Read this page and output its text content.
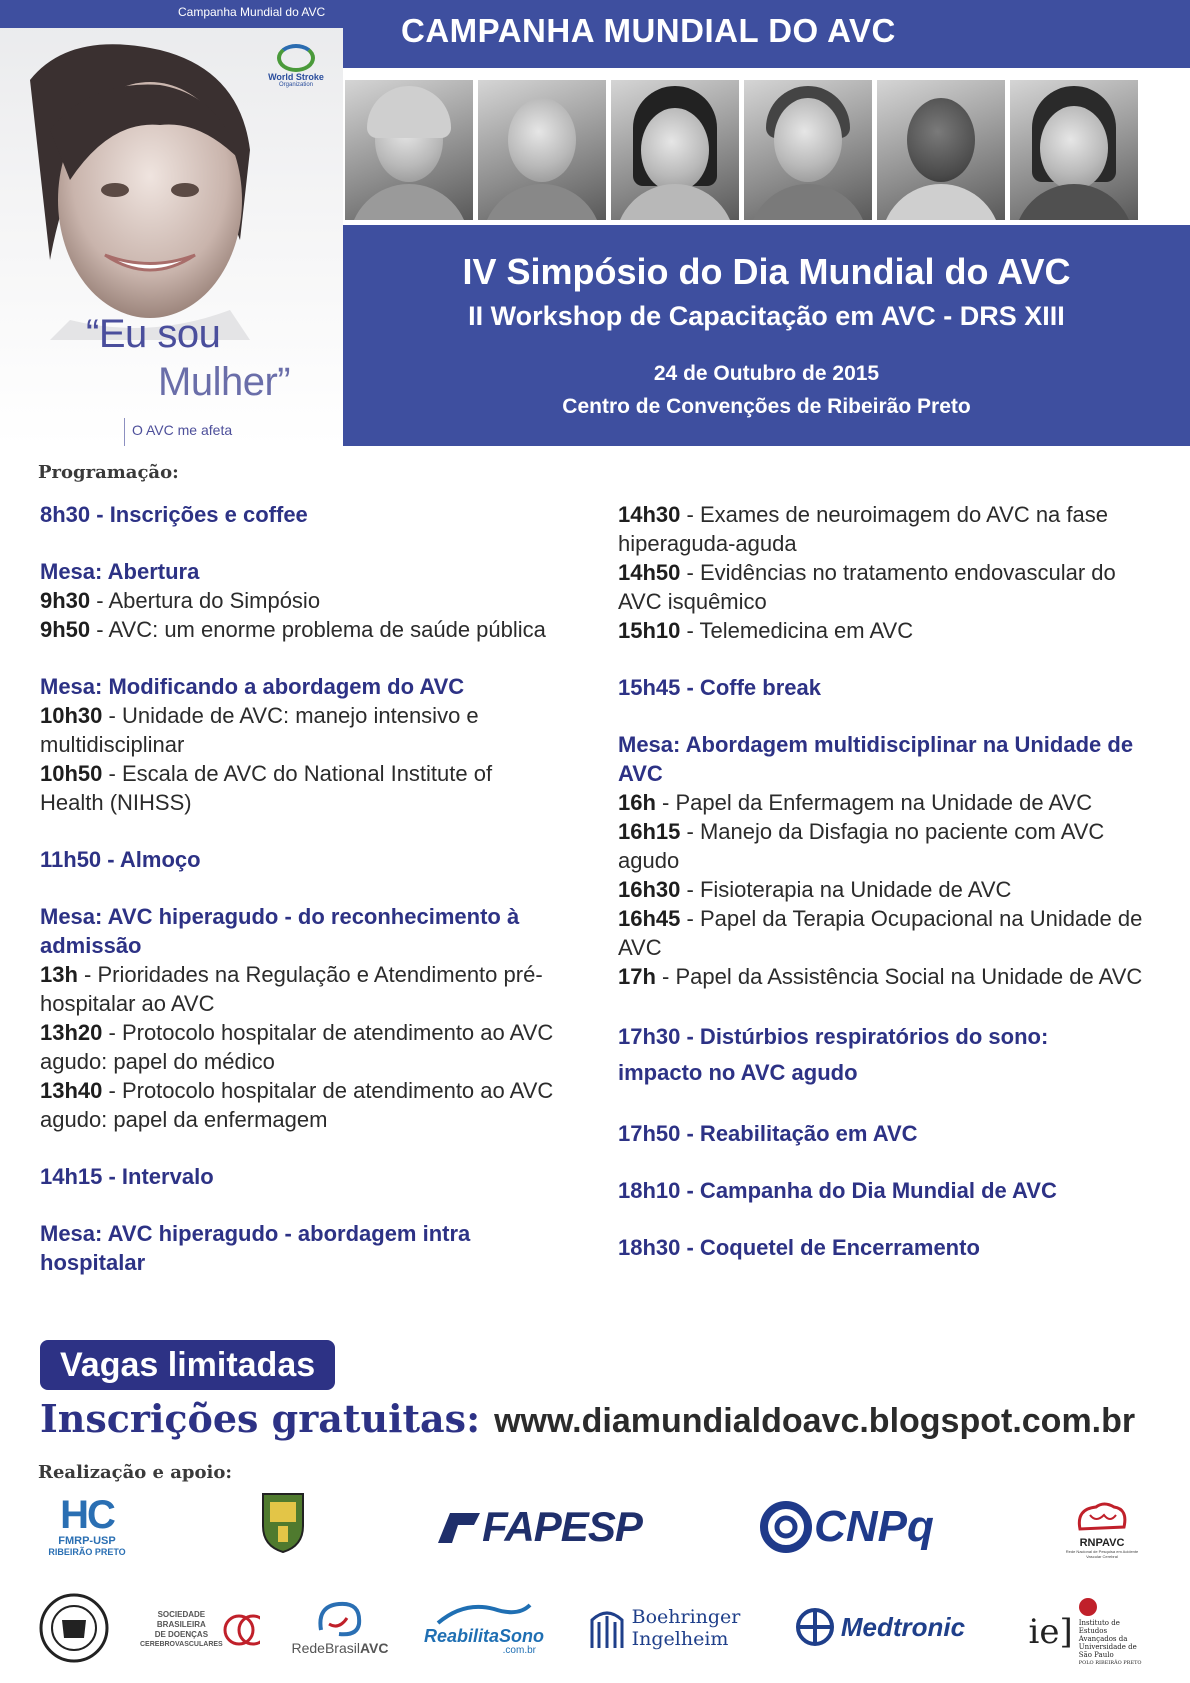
Campanha Mundial do AVC
World Stroke
Organization
“Eu sou
Mulher”
O AVC me afeta
CAMPANHA MUNDIAL DO AVC
IV Simpósio do Dia Mundial do AVC
II Workshop de Capacitação em AVC - DRS XIII
24 de Outubro de 2015
Centro de Convenções de Ribeirão Preto
Programação:
8h30 - Inscrições e coffee
Mesa: Abertura
9h30 - Abertura do Simpósio
9h50 - AVC: um enorme problema de saúde pública
Mesa: Modificando a abordagem do AVC
10h30 - Unidade de AVC: manejo intensivo e multidisciplinar
10h50 - Escala de AVC do National Institute of Health (NIHSS)
11h50 - Almoço
Mesa: AVC hiperagudo - do reconhecimento à admissão
13h - Prioridades na Regulação e Atendimento pré-hospitalar ao AVC
13h20 - Protocolo hospitalar de atendimento ao AVC agudo: papel do médico
13h40 - Protocolo hospitalar de atendimento ao AVC agudo: papel da enfermagem
14h15 - Intervalo
Mesa: AVC hiperagudo - abordagem intra hospitalar
14h30 - Exames de neuroimagem do AVC na fase hiperaguda-aguda
14h50 - Evidências no tratamento endovascular do AVC isquêmico
15h10 - Telemedicina em AVC
15h45 - Coffe break
Mesa: Abordagem multidisciplinar na Unidade de AVC
16h - Papel da Enfermagem na Unidade de AVC
16h15 - Manejo da Disfagia no paciente com AVC agudo
16h30 - Fisioterapia na Unidade de AVC
16h45 - Papel da Terapia Ocupacional na Unidade de AVC
17h - Papel da Assistência Social na Unidade de AVC
17h30 - Distúrbios respiratórios do sono:
impacto no AVC agudo
17h50 - Reabilitação em AVC
18h10 - Campanha do Dia Mundial de AVC
18h30 - Coquetel de Encerramento
Vagas limitadas
Inscrições gratuitas: www.diamundialdoavc.blogspot.com.br
Realização e apoio:
HC
FMRP-USP
RIBEIRÃO PRETO
FAPESP	CNPq	RNPAVC
Rede Nacional de Pesquisa em Acidente Vascular Cerebral
SOCIEDADE
BRASILEIRA
DE DOENÇAS
CEREBROVASCULARES	RedeBrasilAVC
ReabilitaSono
.com.br
Boehringer
Ingelheim	Medtronic ie] Instituto de
Estudos
Avançados da
Universidade de
São Paulo
POLO RIBEIRÃO PRETO
